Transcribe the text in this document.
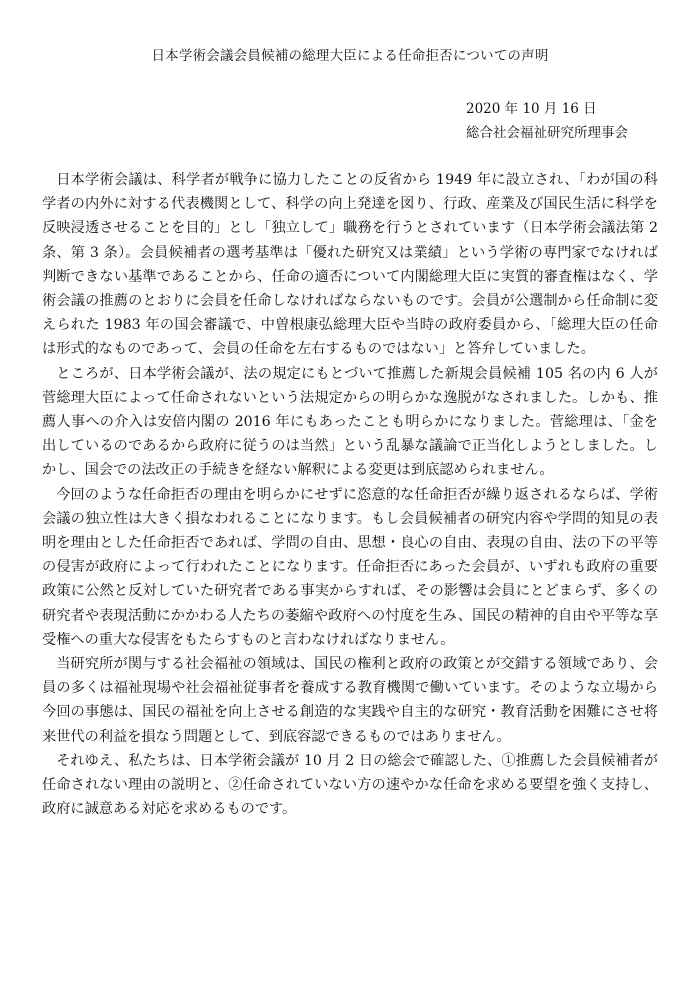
日本学術会議会員候補の総理大臣による任命拒否についての声明
2020 年 10 月 16 日
総合社会福祉研究所理事会

日本学術会議は、科学者が戦争に協力したことの反省から 1949 年に設立され、「わが国の科学者の内外に対する代表機関として、科学の向上発達を図り、行政、産業及び国民生活に科学を反映浸透させることを目的」とし「独立して」職務を行うとされています（日本学術会議法第 2 条、第 3 条）。会員候補者の選考基準は「優れた研究又は業績」という学術の専門家でなければ判断できない基準であることから、任命の適否について内閣総理大臣に実質的審査権はなく、学術会議の推薦のとおりに会員を任命しなければならないものです。会員が公選制から任命制に変えられた 1983 年の国会審議で、中曽根康弘総理大臣や当時の政府委員から、「総理大臣の任命は形式的なものであって、会員の任命を左右するものではない」と答弁していました。

ところが、日本学術会議が、法の規定にもとづいて推薦した新規会員候補 105 名の内 6 人が菅総理大臣によって任命されないという法規定からの明らかな逸脱がなされました。しかも、推薦人事への介入は安倍内閣の 2016 年にもあったことも明らかになりました。菅総理は、「金を出しているのであるから政府に従うのは当然」という乱暴な議論で正当化しようとしました。しかし、国会での法改正の手続きを経ない解釈による変更は到底認められません。

今回のような任命拒否の理由を明らかにせずに恣意的な任命拒否が繰り返されるならば、学術会議の独立性は大きく損なわれることになります。もし会員候補者の研究内容や学問的知見の表明を理由とした任命拒否であれば、学問の自由、思想・良心の自由、表現の自由、法の下の平等の侵害が政府によって行われたことになります。任命拒否にあった会員が、いずれも政府の重要政策に公然と反対していた研究者である事実からすれば、その影響は会員にとどまらず、多くの研究者や表現活動にかかわる人たちの萎縮や政府への忖度を生み、国民の精神的自由や平等な享受権への重大な侵害をもたらすものと言わなければなりません。

当研究所が関与する社会福祉の領域は、国民の権利と政府の政策とが交錯する領域であり、会員の多くは福祉現場や社会福祉従事者を養成する教育機関で働いています。そのような立場から今回の事態は、国民の福祉を向上させる創造的な実践や自主的な研究・教育活動を困難にさせ将来世代の利益を損なう問題として、到底容認できるものではありません。

それゆえ、私たちは、日本学術会議が 10 月 2 日の総会で確認した、①推薦した会員候補者が任命されない理由の説明と、②任命されていない方の速やかな任命を求める要望を強く支持し、政府に誠意ある対応を求めるものです。
